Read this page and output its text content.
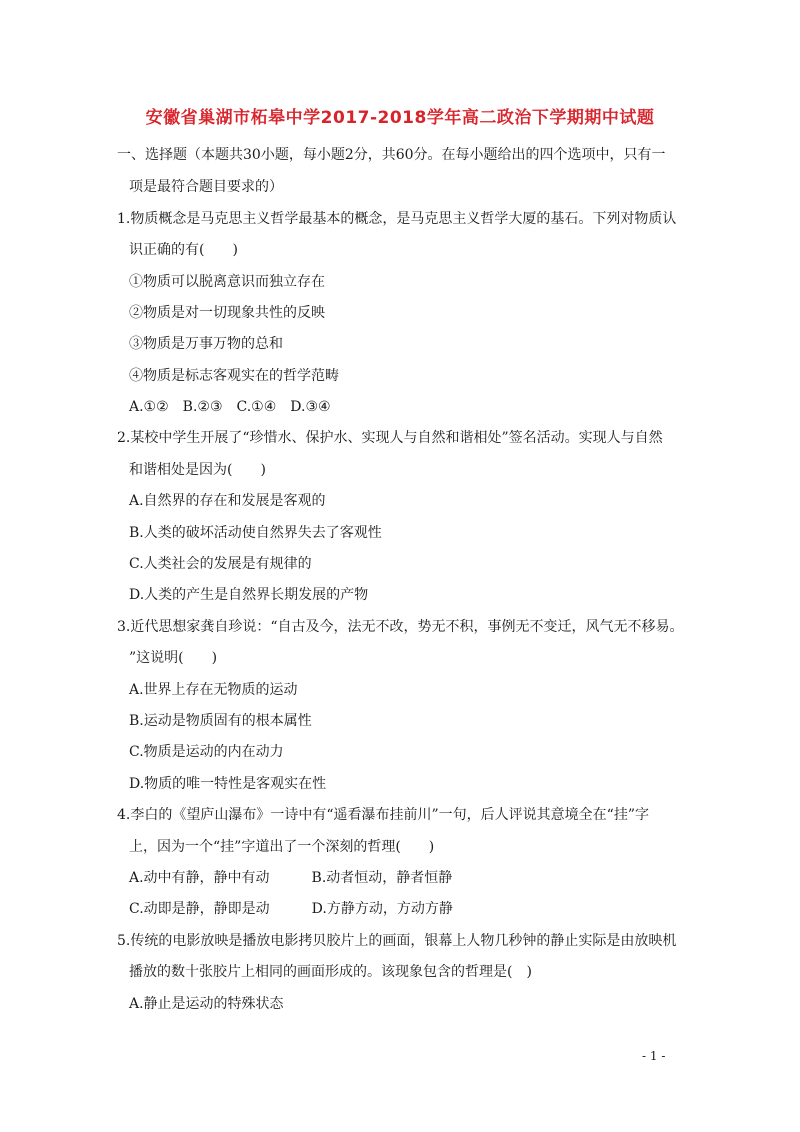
安徽省巢湖市柘皋中学2017-2018学年高二政治下学期期中试题
一、选择题（本题共30小题，每小题2分，共60分。在每小题给出的四个选项中，只有一
项是最符合题目要求的）
1.物质概念是马克思主义哲学最基本的概念，是马克思主义哲学大厦的基石。下列对物质认
识正确的有(　　)
①物质可以脱离意识而独立存在
②物质是对一切现象共性的反映
③物质是万事万物的总和
④物质是标志客观实在的哲学范畴
A.①②　B.②③　C.①④　D.③④
2.某校中学生开展了“珍惜水、保护水、实现人与自然和谐相处”签名活动。实现人与自然
和谐相处是因为(　　)
A.自然界的存在和发展是客观的
B.人类的破坏活动使自然界失去了客观性
C.人类社会的发展是有规律的
D.人类的产生是自然界长期发展的产物
3.近代思想家龚自珍说：“自古及今，法无不改，势无不积，事例无不变迁，风气无不移易。
”这说明(　　)
A.世界上存在无物质的运动
B.运动是物质固有的根本属性
C.物质是运动的内在动力
D.物质的唯一特性是客观实在性
4.李白的《望庐山瀑布》一诗中有“遥看瀑布挂前川”一句，后人评说其意境全在“挂”字
上，因为一个“挂”字道出了一个深刻的哲理(　　)
A.动中有静，静中有动　　　B.动者恒动，静者恒静
C.动即是静，静即是动　　　D.方静方动，方动方静
5.传统的电影放映是播放电影拷贝胶片上的画面，银幕上人物几秒钟的静止实际是由放映机
播放的数十张胶片上相同的画面形成的。该现象包含的哲理是(　)
A.静止是运动的特殊状态
- 1 -
